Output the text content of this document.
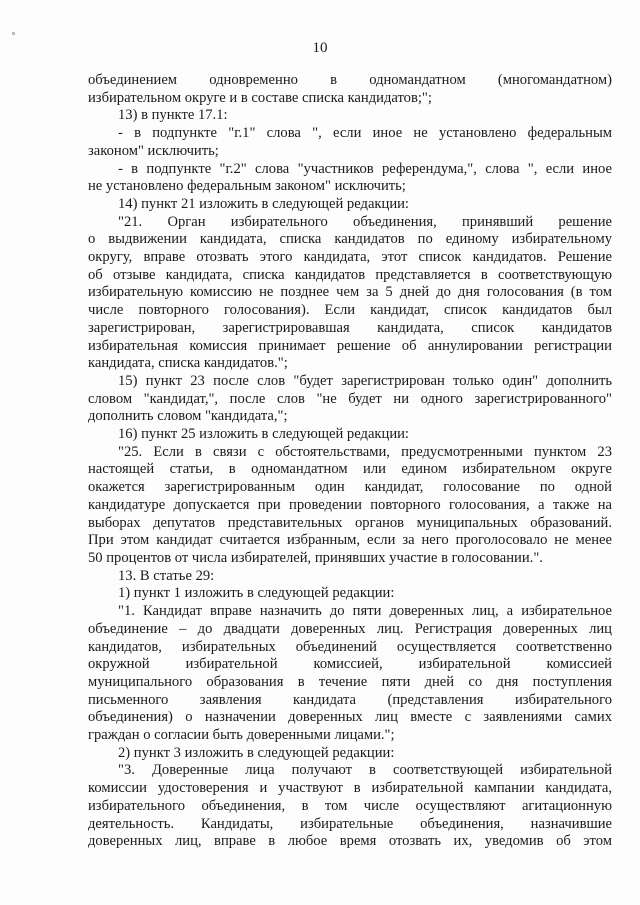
10
объединением одновременно в одномандатном (многомандатном)
избирательном округе и в составе списка кандидатов;";
13) в пункте 17.1:
- в подпункте "г.1" слова ", если иное не установлено федеральным
законом" исключить;
- в подпункте "г.2" слова "участников референдума,", слова ", если иное
не установлено федеральным законом" исключить;
14) пункт 21 изложить в следующей редакции:
"21. Орган избирательного объединения, принявший решение
о выдвижении кандидата, списка кандидатов по единому избирательному
округу, вправе отозвать этого кандидата, этот список кандидатов. Решение
об отзыве кандидата, списка кандидатов представляется в соответствующую
избирательную комиссию не позднее чем за 5 дней до дня голосования (в том
числе повторного голосования). Если кандидат, список кандидатов был
зарегистрирован, зарегистрировавшая кандидата, список кандидатов
избирательная комиссия принимает решение об аннулировании регистрации
кандидата, списка кандидатов.";
15) пункт 23 после слов "будет зарегистрирован только один" дополнить
словом "кандидат,", после слов "не будет ни одного зарегистрированного"
дополнить словом "кандидата,";
16) пункт 25 изложить в следующей редакции:
"25. Если в связи с обстоятельствами, предусмотренными пунктом 23
настоящей статьи, в одномандатном или едином избирательном округе
окажется зарегистрированным один кандидат, голосование по одной
кандидатуре допускается при проведении повторного голосования, а также на
выборах депутатов представительных органов муниципальных образований.
При этом кандидат считается избранным, если за него проголосовало не менее
50 процентов от числа избирателей, принявших участие в голосовании.".
13. В статье 29:
1) пункт 1 изложить в следующей редакции:
"1. Кандидат вправе назначить до пяти доверенных лиц, а избирательное
объединение – до двадцати доверенных лиц. Регистрация доверенных лиц
кандидатов, избирательных объединений осуществляется соответственно
окружной избирательной комиссией, избирательной комиссией
муниципального образования в течение пяти дней со дня поступления
письменного заявления кандидата (представления избирательного
объединения) о назначении доверенных лиц вместе с заявлениями самих
граждан о согласии быть доверенными лицами.";
2) пункт 3 изложить в следующей редакции:
"3. Доверенные лица получают в соответствующей избирательной
комиссии удостоверения и участвуют в избирательной кампании кандидата,
избирательного объединения, в том числе осуществляют агитационную
деятельность. Кандидаты, избирательные объединения, назначившие
доверенных лиц, вправе в любое время отозвать их, уведомив об этом
